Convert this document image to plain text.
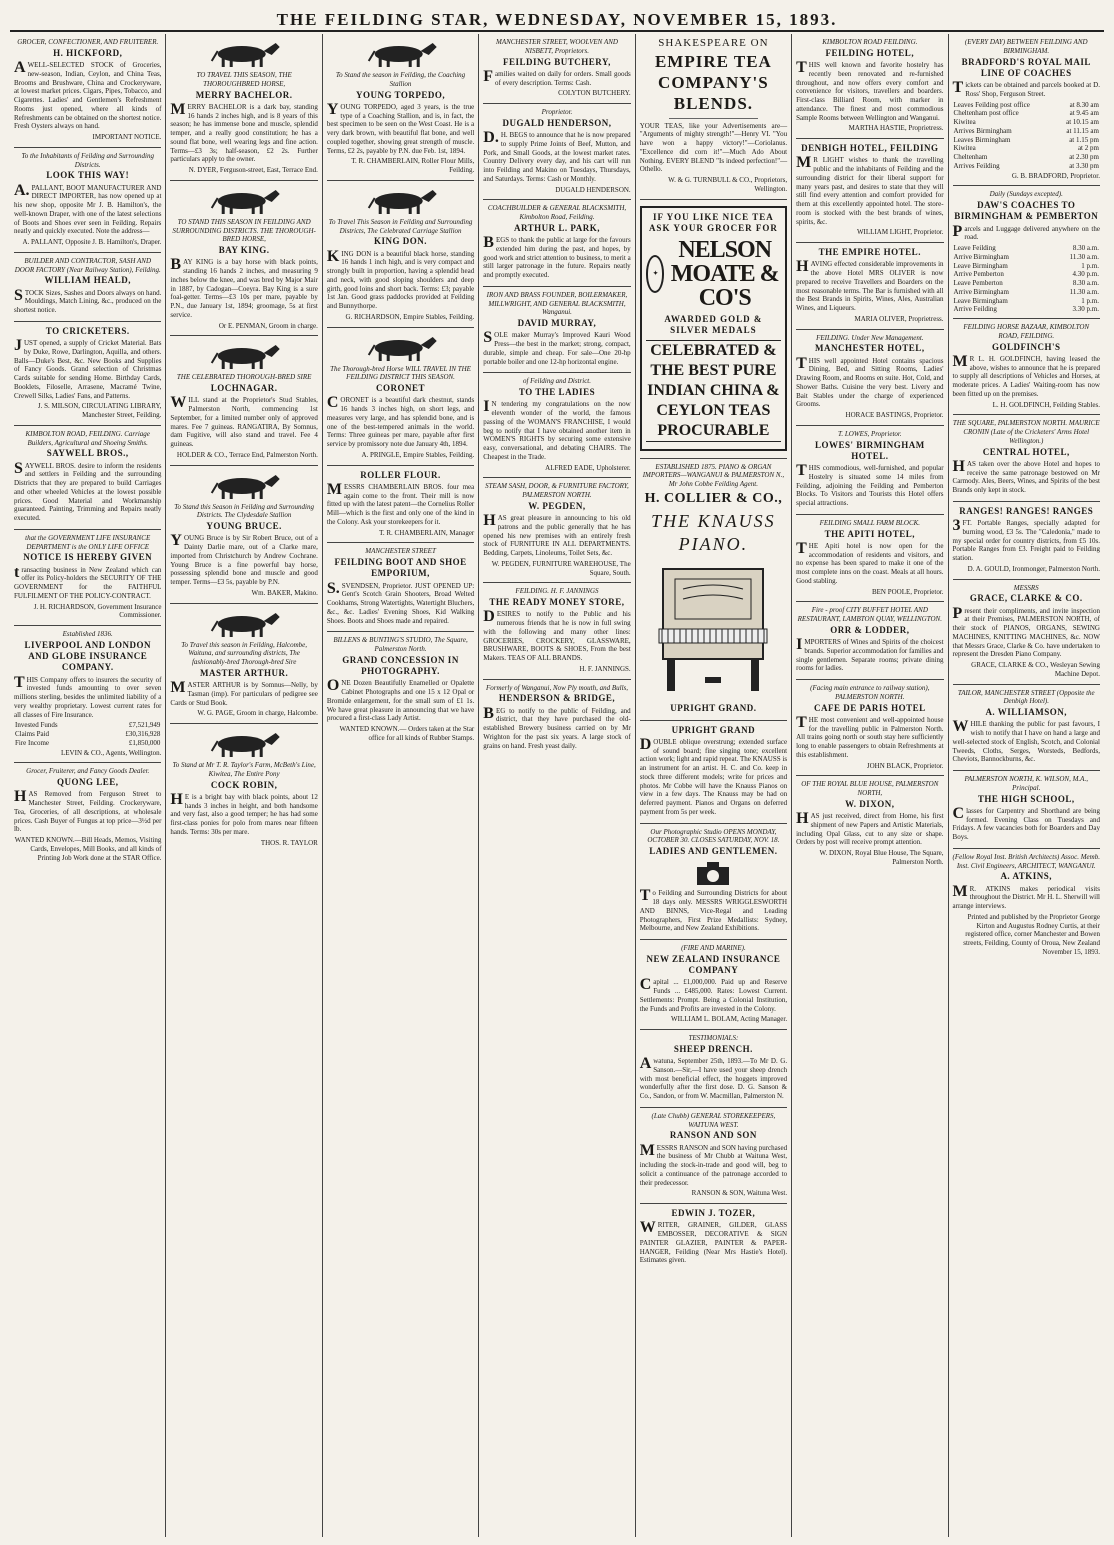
THE FEILDING STAR, WEDNESDAY, NOVEMBER 15, 1893.
GROCER, CONFECTIONER, AND FRUITERER.
H. HICKFORD,
AWELL-SELECTED STOCK of Groceries, new-season, Indian, Ceylon, and China Teas, Brooms and Brushware, China and Crockeryware, at lowest market prices. Cigars, Pipes, Tobacco, and Cigarettes. Ladies' and Gentlemen's Refreshment Rooms just opened, where all kinds of Refreshments can be obtained on the shortest notice. Fresh Oysters always on hand.
IMPORTANT NOTICE.
To the Inhabitants of Feilding and Surrounding Districts.
LOOK THIS WAY!
A.PALLANT, BOOT MANUFACTURER AND DIRECT IMPORTER, has now opened up at his new shop, opposite Mr J. B. Hamilton's, the well-known Draper, with one of the latest selections of Boots and Shoes ever seen in Feilding. Repairs neatly and quickly executed. Note the address—
A. PALLANT, Opposite J. B. Hamilton's, Draper.
BUILDER AND CONTRACTOR, SASH AND DOOR FACTORY (Near Railway Station), Feilding.
WILLIAM HEALD,
STOCK Sizes, Sashes and Doors always on hand. Mouldings, Match Lining, &c., produced on the shortest notice.
TO CRICKETERS.
JUST opened, a supply of Cricket Material. Bats by Duke, Rowe, Darlington, Aquilla, and others. Balls—Duke's Best, &c. New Books and Supplies of Fancy Goods. Grand selection of Christmas Cards suitable for sending Home. Birthday Cards, Booklets, Filoselle, Arrasene, Macramé Twine, Crewell Silks, Ladies' Fans, and Patterns.
J. S. MILSON, CIRCULATING LIBRARY, Manchester Street, Feilding.
KIMBOLTON ROAD, FEILDING. Carriage Builders, Agricultural and Shoeing Smiths.
SAYWELL BROS.,
SAYWELL BROS. desire to inform the residents and settlers in Feilding and the surrounding Districts that they are prepared to build Carriages and other wheeled Vehicles at the lowest possible prices. Good Material and Workmanship guaranteed. Painting, Trimming and Repairs neatly executed.
that the GOVERNMENT LIFE INSURANCE DEPARTMENT is the ONLY LIFE OFFICE
NOTICE IS HEREBY GIVEN
transacting business in New Zealand which can offer its Policy-holders the SECURITY OF THE GOVERNMENT for the FAITHFUL FULFILMENT OF THE POLICY-CONTRACT.
J. H. RICHARDSON, Government Insurance Commissioner.
Established 1836.
LIVERPOOL AND LONDON AND GLOBE INSURANCE COMPANY.
THIS Company offers to insurers the security of invested funds amounting to over seven millions sterling, besides the unlimited liability of a very wealthy proprietary. Lowest current rates for all classes of Fire Insurance.
Invested Funds	£7,521,949
Claims Paid	£30,316,928
Fire Income	£1,850,000
LEVIN & CO., Agents, Wellington.
Grocer, Fruiterer, and Fancy Goods Dealer.
QUONG LEE,
HAS Removed from Ferguson Street to Manchester Street, Feilding. Crockeryware, Tea, Groceries, of all descriptions, at wholesale prices. Cash Buyer of Fungus at top price—3½d per lb.
WANTED KNOWN.—Bill Heads, Memos, Visiting Cards, Envelopes, Mill Books, and all kinds of Printing Job Work done at the STAR Office.
TO TRAVEL THIS SEASON, THE THOROUGHBRED HORSE,
MERRY BACHELOR.
MERRY BACHELOR is a dark bay, standing 16 hands 2 inches high, and is 8 years of this season; he has immense bone and muscle, splendid temper, and a really good constitution; he has a sound flat bone, well wearing legs and fine action. Terms—£3 3s; half-season, £2 2s. Further particulars apply to the owner.
N. DYER, Ferguson-street, East, Terrace End.
TO STAND THIS SEASON IN FEILDING AND SURROUNDING DISTRICTS. THE THOROUGH-BRED HORSE,
BAY KING.
BAY KING is a bay horse with black points, standing 16 hands 2 inches, and measuring 9 inches below the knee, and was bred by Major Mair in 1887, by Cadogan—Coeyra. Bay King is a sure foal-getter. Terms—£3 10s per mare, payable by P.N., due January 1st, 1894; groomage, 5s at first service.
Or E. PENMAN, Groom in charge.
THE CELEBRATED THOROUGH-BRED SIRE
LOCHNAGAR.
WILL stand at the Proprietor's Stud Stables, Palmerston North, commencing 1st September, for a limited number only of approved mares. Fee 7 guineas. RANGATIRA, By Somnus, dam Fugitive, will also stand and travel. Fee 4 guineas.
HOLDER & CO., Terrace End, Palmerston North.
To Stand this Season in Feilding and Surrounding Districts. The Clydesdale Stallion
YOUNG BRUCE.
YOUNG Bruce is by Sir Robert Bruce, out of a Dainty Darlie mare, out of a Clarke mare, imported from Christchurch by Andrew Cochrane. Young Bruce is a fine powerful bay horse, possessing splendid bone and muscle and good temper. Terms—£3 5s, payable by P.N.
Wm. BAKER, Makino.
To Travel this season in Feilding, Halcombe, Waituna, and surrounding districts, The fashionably-bred Thorough-bred Sire
MASTER ARTHUR.
MASTER ARTHUR is by Somnus—Nelly, by Tasman (imp). For particulars of pedigree see Cards or Stud Book.
W. G. PAGE, Groom in charge, Halcombe.
To Stand at Mr T. R. Taylor's Farm, McBeth's Line, Kiwitea, The Entire Pony
COCK ROBIN,
HE is a bright bay with black points, about 12 hands 3 inches in height, and both handsome and very fast, also a good temper; he has had some first-class ponies for polo from mares near fifteen hands. Terms: 30s per mare.
THOS. R. TAYLOR
To Stand the season in Feilding, the Coaching Stallion
YOUNG TORPEDO,
YOUNG TORPEDO, aged 3 years, is the true type of a Coaching Stallion, and is, in fact, the best specimen to be seen on the West Coast. He is a very dark brown, with beautiful flat bone, and well coupled together, showing great strength of muscle. Terms, £2 2s, payable by P.N. due Feb. 1st, 1894.
T. R. CHAMBERLAIN, Roller Flour Mills, Feilding.
To Travel This Season in Feilding and Surrounding Districts, The Celebrated Carriage Stallion
KING DON.
KING DON is a beautiful black horse, standing 16 hands 1 inch high, and is very compact and strongly built in proportion, having a splendid head and neck, with good sloping shoulders and deep girth, good loins and short back. Terms: £3; payable 1st Jan. Good grass paddocks provided at Feilding and Bunnythorpe.
G. RICHARDSON, Empire Stables, Feilding.
The Thorough-bred Horse WILL TRAVEL IN THE FEILDING DISTRICT THIS SEASON.
CORONET
CORONET is a beautiful dark chestnut, stands 16 hands 3 inches high, on short legs, and measures very large, and has splendid bone, and is one of the best-tempered animals in the world. Terms: Three guineas per mare, payable after first service by promissory note due January 4th, 1894.
A. PRINGLE, Empire Stables, Feilding.
ROLLER FLOUR.
MESSRS CHAMBERLAIN BROS. four mea again come to the front. Their mill is now fitted up with the latest patent—the Cornelius Roller Mill—which is the first and only one of the kind in the Colony. Ask your storekeepers for it.
T. R. CHAMBERLAIN, Manager
MANCHESTER STREET
FEILDING BOOT AND SHOE EMPORIUM,
S.SVENDSEN, Proprietor. JUST OPENED UP: Gent's Scotch Grain Shooters, Broad Welted Cookhams, Strong Watertights, Watertight Bluchers, &c., &c. Ladies' Evening Shoes, Kid Walking Shoes. Boots and Shoes made and repaired.
BILLENS & BUNTING'S STUDIO, The Square, Palmerston North.
GRAND CONCESSION IN PHOTOGRAPHY.
ONE Dozen Beautifully Enamelled or Opalette Cabinet Photographs and one 15 x 12 Opal or Bromide enlargement, for the small sum of £1 1s. We have great pleasure in announcing that we have procured a first-class Lady Artist.
WANTED KNOWN.— Orders taken at the Star office for all kinds of Rubber Stamps.
MANCHESTER STREET, WOOLVEN AND NISBETT, Proprietors.
FEILDING BUTCHERY,
Families waited on daily for orders. Small goods of every description. Terms: Cash.
COLYTON BUTCHERY.
Proprietor.
DUGALD HENDERSON,
D.H. BEGS to announce that he is now prepared to supply Prime Joints of Beef, Mutton, and Pork, and Small Goods, at the lowest market rates. Country Delivery every day, and his cart will run into Feilding and Makino on Tuesdays, Thursdays, and Saturdays. Terms: Cash or Monthly.
DUGALD HENDERSON.
COACHBUILDER & GENERAL BLACKSMITH, Kimbolton Road, Feilding.
ARTHUR L. PARK,
BEGS to thank the public at large for the favours extended him during the past, and hopes, by good work and strict attention to business, to merit a still larger patronage in the future. Repairs neatly and promptly executed.
IRON AND BRASS FOUNDER, BOILERMAKER, MILLWRIGHT, AND GENERAL BLACKSMITH, Wanganui.
DAVID MURRAY,
SOLE maker Murray's Improved Kauri Wood Press—the best in the market; strong, compact, durable, simple and cheap. For sale—One 20-hp portable boiler and one 12-hp horizontal engine.
of Feilding and District.
TO THE LADIES
IN tendering my congratulations on the now eleventh wonder of the world, the famous passing of the WOMAN'S FRANCHISE, I would beg to notify that I have obtained another item in WOMEN'S RIGHTS by securing some extensive easy, conversational, and debating CHAIRS. The Cheapest in the Trade.
ALFRED EADE, Upholsterer.
STEAM SASH, DOOR, & FURNITURE FACTORY, PALMERSTON NORTH.
W. PEGDEN,
HAS great pleasure in announcing to his old patrons and the public generally that he has opened his new premises with an entirely fresh stock of FURNITURE IN ALL DEPARTMENTS. Bedding, Carpets, Linoleums, Toilet Sets, &c.
W. PEGDEN, FURNITURE WAREHOUSE, The Square, South.
FEILDING. H. F. JANNINGS
THE READY MONEY STORE,
DESIRES to notify to the Public and his numerous friends that he is now in full swing with the following and many other lines: GROCERIES, CROCKERY, GLASSWARE, BRUSHWARE, BOOTS & SHOES, From the best Makers. TEAS OF ALL BRANDS.
H. F. JANNINGS.
Formerly of Wanganui, Now Ply mouth, and Bulls,
HENDERSON & BRIDGE,
BEG to notify to the public of Feilding, and district, that they have purchased the old-established Brewery business carried on by Mr Wrighton for the past six years. A large stock of grains on hand. Fresh yeast daily.
SHAKESPEARE ON
EMPIRE TEA COMPANY'S BLENDS.
YOUR TEAS, like your Advertisements are— "Arguments of mighty strength!"—Henry VI. "You have won a happy victory!"—Coriolanus. "Excellence did corn it!"—Much Ado About Nothing. EVERY BLEND "Is indeed perfection!"—Othello.
W. & G. TURNBULL & CO., Proprietors, Wellington.
IF YOU LIKE NICE TEA ASK YOUR GROCER FOR
✦
NELSON MOATE & CO'S
AWARDED GOLD & SILVER MEDALS
CELEBRATED & THE BEST PURE INDIAN CHINA & CEYLON TEAS PROCURABLE
ESTABLISHED 1875. PIANO & ORGAN IMPORTERS—WANGANUI & PALMERSTON N., Mr John Cobbe Feilding Agent.
H. COLLIER & CO.,
THE KNAUSS PIANO.
UPRIGHT GRAND.
UPRIGHT GRAND
DOUBLE oblique overstrung; extended surface of sound board; fine singing tone; excellent action work; light and rapid repeat. The KNAUSS is an instrument for an artist. H. C. and Co. keep in stock three different models; write for prices and photos. Mr Cobbe will have the Knauss Pianos on view in a few days. The Knauss may be had on deferred payment. Pianos and Organs on deferred payment from 5s per week.
Our Photographic Studio OPENS MONDAY, OCTOBER 30. CLOSES SATURDAY, NOV. 18.
LADIES AND GENTLEMEN.
To Feilding and Surrounding Districts for about 18 days only. MESSRS WRIGGLESWORTH AND BINNS, Vice-Regal and Leading Photographers, First Prize Medallists: Sydney, Melbourne, and New Zealand Exhibitions.
(FIRE AND MARINE).
NEW ZEALAND INSURANCE COMPANY
Capital ... £1,000,000. Paid up and Reserve Funds ... £485,000. Rates: Lowest Current. Settlements: Prompt. Being a Colonial Institution, the Funds and Profits are invested in the Colony.
WILLIAM L. BOLAM, Acting Manager.
TESTIMONIALS:
SHEEP DRENCH.
Awatuna, September 25th, 1893.—To Mr D. G. Sanson.—Sir,—I have used your sheep drench with most beneficial effect, the hoggets improved wonderfully after the first dose. D. G. Sanson & Co., Sandon, or from W. Macmillan, Palmerston N.
(Late Chubb) GENERAL STOREKEEPERS, WAITUNA WEST.
RANSON AND SON
MESSRS RANSON and SON having purchased the business of Mr Chubb at Waituna West, including the stock-in-trade and good will, beg to solicit a continuance of the patronage accorded to their predecessor.
RANSON & SON, Waituna West.
EDWIN J. TOZER,
WRITER, GRAINER, GILDER, GLASS EMBOSSER, DECORATIVE & SIGN PAINTER GLAZIER, PAINTER & PAPER-HANGER, Feilding (Near Mrs Hastie's Hotel). Estimates given.
KIMBOLTON ROAD FEILDING.
FEILDING HOTEL,
THIS well known and favorite hostelry has recently been renovated and re-furnished throughout, and now offers every comfort and convenience for visitors, travellers and boarders. First-class Billiard Room, with marker in attendance. The finest and most commodious Sample Rooms between Wellington and Wanganui.
MARTHA HASTIE, Proprietress.
DENBIGH HOTEL, FEILDING
MR LIGHT wishes to thank the travelling public and the inhabitants of Feilding and the surrounding district for their liberal support for many years past, and desires to state that they will still find every attention and comfort provided for them at this excellently appointed hotel. The store-room is stocked with the best brands of wines, spirits, &c.
WILLIAM LIGHT, Proprietor.
THE EMPIRE HOTEL.
HAVING effected considerable improvements in the above Hotel MRS OLIVER is now prepared to receive Travellers and Boarders on the most reasonable terms. The Bar is furnished with all the Best Brands in Spirits, Wines, Ales, Australian Wines, and Liqueurs.
MARIA OLIVER, Proprietress.
FEILDING. Under New Management.
MANCHESTER HOTEL,
THIS well appointed Hotel contains spacious Dining, Bed, and Sitting Rooms, Ladies' Drawing Room, and Rooms en suite. Hot, Cold, and Shower Baths. Cuisine the very best. Livery and Bait Stables under the charge of experienced Grooms.
HORACE BASTINGS, Proprietor.
T. LOWES, Proprietor.
LOWES' BIRMINGHAM HOTEL.
THIS commodious, well-furnished, and popular Hostelry is situated some 14 miles from Feilding, adjoining the Feilding and Pemberton Blocks. To Visitors and Tourists this Hotel offers special attractions.
FEILDING SMALL FARM BLOCK.
THE APITI HOTEL,
THE Apiti hotel is now open for the accommodation of residents and visitors, and no expense has been spared to make it one of the most complete inns on the coast. Meals at all hours. Good stabling.
BEN POOLE, Proprietor.
Fire - proof CITY BUFFET HOTEL AND RESTAURANT, LAMBTON QUAY, WELLINGTON.
ORR & LODDER,
IMPORTERS of Wines and Spirits of the choicest brands. Superior accommodation for families and single gentlemen. Separate rooms; private dining rooms for ladies.
(Facing main entrance to railway station), PALMERSTON NORTH.
CAFE DE PARIS HOTEL
THE most convenient and well-appointed house for the travelling public in Palmerston North. All trains going north or south stay here sufficiently long to enable passengers to obtain Refreshments at this establishment.
JOHN BLACK, Proprietor.
OF THE ROYAL BLUE HOUSE, PALMERSTON NORTH,
W. DIXON,
HAS just received, direct from Home, his first shipment of new Papers and Artistic Materials, including Opal Glass, cut to any size or shape. Orders by post will receive prompt attention.
W. DIXON, Royal Blue House, The Square, Palmerston North.
(EVERY DAY) BETWEEN FEILDING AND BIRMINGHAM.
BRADFORD'S ROYAL MAIL LINE OF COACHES
Tickets can be obtained and parcels booked at D. Ross' Shop, Ferguson Street.
Leaves Feilding post office	at 8.30 am
Cheltenham post office	at 9.45 am
Kiwitea	at 10.15 am
Arrives Birmingham	at 11.15 am
Leaves Birmingham	at 1.15 pm
Kiwitea	at 2 pm
Cheltenham	at 2.30 pm
Arrives Feilding	at 3.30 pm
G. B. BRADFORD, Proprietor.
Daily (Sundays excepted).
DAW'S COACHES TO BIRMINGHAM & PEMBERTON
Parcels and Luggage delivered anywhere on the road.
Leave Feilding	8.30 a.m.
Arrive Birmingham	11.30 a.m.
Leave Birmingham	1 p.m.
Arrive Pemberton	4.30 p.m.
Leave Pemberton	8.30 a.m.
Arrive Birmingham	11.30 a.m.
Leave Birmingham	1 p.m.
Arrive Feilding	3.30 p.m.
FEILDING HORSE BAZAAR, KIMBOLTON ROAD, FEILDING.
GOLDFINCH'S
MR L. H. GOLDFINCH, having leased the above, wishes to announce that he is prepared to supply all descriptions of Vehicles and Horses, at moderate prices. A Ladies' Waiting-room has now been fitted up on the premises.
L. H. GOLDFINCH, Feilding Stables.
THE SQUARE, PALMERSTON NORTH. MAURICE CRONIN (Late of the Cricketers' Arms Hotel Wellington.)
CENTRAL HOTEL,
HAS taken over the above Hotel and hopes to receive the same patronage bestowed on Mr Carmody. Ales, Beers, Wines, and Spirits of the best Brands only kept in stock.
RANGES! RANGES! RANGES
3FT. Portable Ranges, specially adapted for burning wood, £3 5s. The "Caledonia," made to my special order for country districts, from £5 10s. Portable Ranges from £3. Freight paid to Feilding station.
D. A. GOULD, Ironmonger, Palmerston North.
MESSRS
GRACE, CLARKE & CO.
Present their compliments, and invite inspection at their Premises, PALMERSTON NORTH, of their stock of PIANOS, ORGANS, SEWING MACHINES, KNITTING MACHINES, &c. NOW that Messrs Grace, Clarke & Co. have undertaken to represent the Dresden Piano Company.
GRACE, CLARKE & CO., Wesleyan Sewing Machine Depot.
TAILOR, MANCHESTER STREET (Opposite the Denbigh Hotel).
A. WILLIAMSON,
WHILE thanking the public for past favours, I wish to notify that I have on hand a large and well-selected stock of English, Scotch, and Colonial Tweeds, Cloths, Serges, Worsteds, Bedfords, Cheviots, Bannockburns, &c.
PALMERSTON NORTH, K. WILSON, M.A., Principal.
THE HIGH SCHOOL,
Classes for Carpentry and Shorthand are being formed. Evening Class on Tuesdays and Fridays. A few vacancies both for Boarders and Day Boys.
(Fellow Royal Inst. British Architects) Assoc. Memb. Inst. Civil Engineers, ARCHITECT, WANGANUI.
A. ATKINS,
MR. ATKINS makes periodical visits throughout the District. Mr H. L. Sherwill will arrange interviews.
Printed and published by the Proprietor George Kirton and Augustus Rodney Curtis, at their registered office, corner Manchester and Bowen streets, Feilding, County of Oroua, New Zealand November 15, 1893.
